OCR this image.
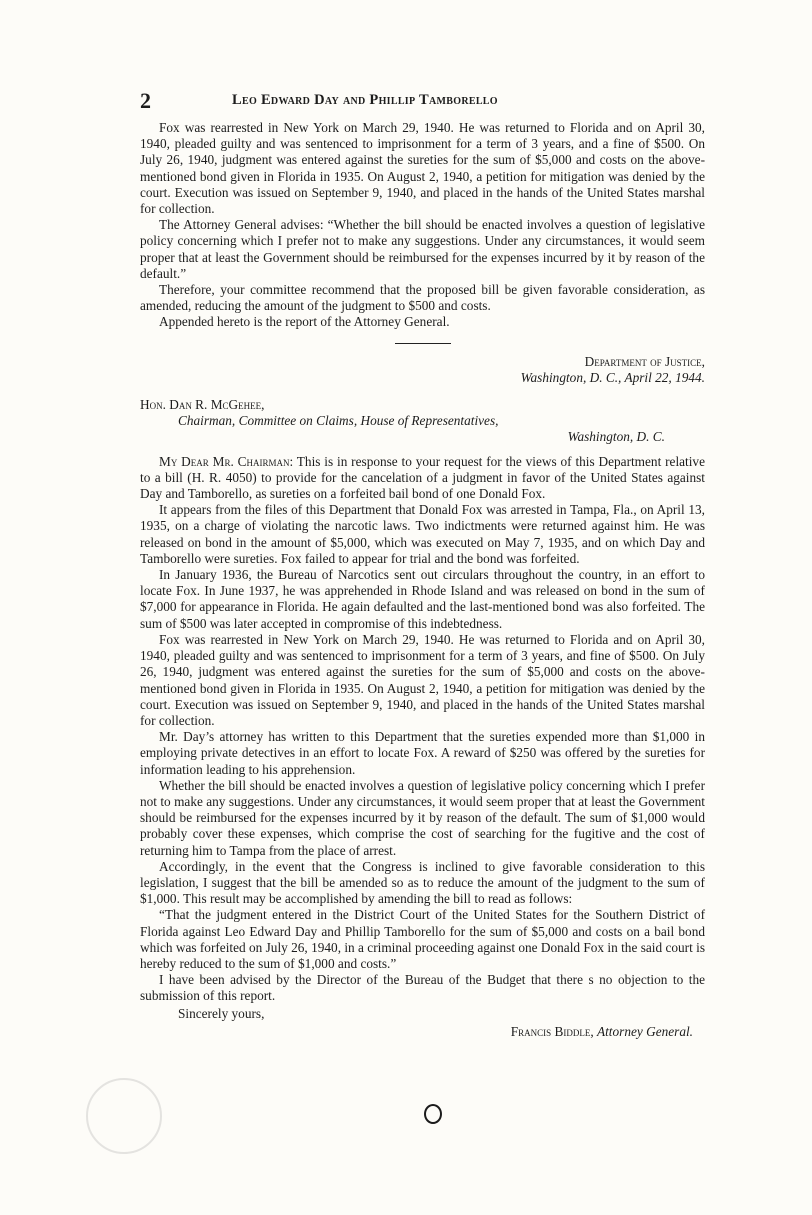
2	Leo Edward Day and Phillip Tamborello

Fox was rearrested in New York on March 29, 1940. He was returned to Florida and on April 30, 1940, pleaded guilty and was sentenced to imprisonment for a term of 3 years, and a fine of $500. On July 26, 1940, judgment was entered against the sureties for the sum of $5,000 and costs on the above-mentioned bond given in Florida in 1935. On August 2, 1940, a petition for mitigation was denied by the court. Execution was issued on September 9, 1940, and placed in the hands of the United States marshal for collection.

The Attorney General advises: “Whether the bill should be enacted involves a question of legislative policy concerning which I prefer not to make any suggestions. Under any circumstances, it would seem proper that at least the Government should be reimbursed for the expenses incurred by it by reason of the default.”

Therefore, your committee recommend that the proposed bill be given favorable consideration, as amended, reducing the amount of the judgment to $500 and costs.

Appended hereto is the report of the Attorney General.

Department of Justice,
Washington, D. C., April 22, 1944.
Hon. Dan R. McGehee,
Chairman, Committee on Claims, House of Representatives,
Washington, D. C.

My Dear Mr. Chairman: This is in response to your request for the views of this Department relative to a bill (H. R. 4050) to provide for the cancelation of a judgment in favor of the United States against Day and Tamborello, as sureties on a forfeited bail bond of one Donald Fox.

It appears from the files of this Department that Donald Fox was arrested in Tampa, Fla., on April 13, 1935, on a charge of violating the narcotic laws. Two indictments were returned against him. He was released on bond in the amount of $5,000, which was executed on May 7, 1935, and on which Day and Tamborello were sureties. Fox failed to appear for trial and the bond was forfeited.

In January 1936, the Bureau of Narcotics sent out circulars throughout the country, in an effort to locate Fox. In June 1937, he was apprehended in Rhode Island and was released on bond in the sum of $7,000 for appearance in Florida. He again defaulted and the last-mentioned bond was also forfeited. The sum of $500 was later accepted in compromise of this indebtedness.

Fox was rearrested in New York on March 29, 1940. He was returned to Florida and on April 30, 1940, pleaded guilty and was sentenced to imprisonment for a term of 3 years, and fine of $500. On July 26, 1940, judgment was entered against the sureties for the sum of $5,000 and costs on the above-mentioned bond given in Florida in 1935. On August 2, 1940, a petition for mitigation was denied by the court. Execution was issued on September 9, 1940, and placed in the hands of the United States marshal for collection.

Mr. Day’s attorney has written to this Department that the sureties expended more than $1,000 in employing private detectives in an effort to locate Fox. A reward of $250 was offered by the sureties for information leading to his apprehension.

Whether the bill should be enacted involves a question of legislative policy concerning which I prefer not to make any suggestions. Under any circumstances, it would seem proper that at least the Government should be reimbursed for the expenses incurred by it by reason of the default. The sum of $1,000 would probably cover these expenses, which comprise the cost of searching for the fugitive and the cost of returning him to Tampa from the place of arrest.

Accordingly, in the event that the Congress is inclined to give favorable consideration to this legislation, I suggest that the bill be amended so as to reduce the amount of the judgment to the sum of $1,000. This result may be accomplished by amending the bill to read as follows:

“That the judgment entered in the District Court of the United States for the Southern District of Florida against Leo Edward Day and Phillip Tamborello for the sum of $5,000 and costs on a bail bond which was forfeited on July 26, 1940, in a criminal proceeding against one Donald Fox in the said court is hereby reduced to the sum of $1,000 and costs.”

I have been advised by the Director of the Bureau of the Budget that there s no objection to the submission of this report.

Sincerely yours,

Francis Biddle, Attorney General.
